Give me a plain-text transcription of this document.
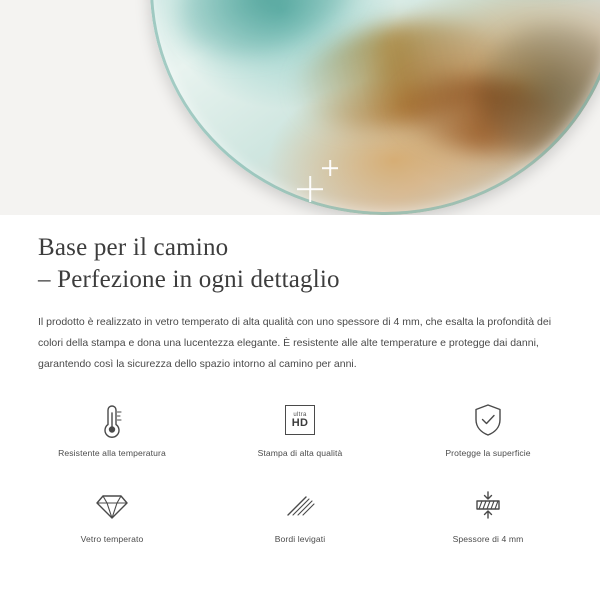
Base per il camino
– Perfezione in ogni dettaglio
Il prodotto è realizzato in vetro temperato di alta qualità con uno spessore di 4 mm, che esalta la profondità dei colori della stampa e dona una lucentezza elegante. È resistente alle alte temperature e protegge dai danni, garantendo così la sicurezza dello spazio intorno al camino per anni.
Resistente alla temperatura
ultra
HD
Stampa di alta qualità	Protegge la superficie
Vetro temperato	Bordi levigati	Spessore di 4 mm
